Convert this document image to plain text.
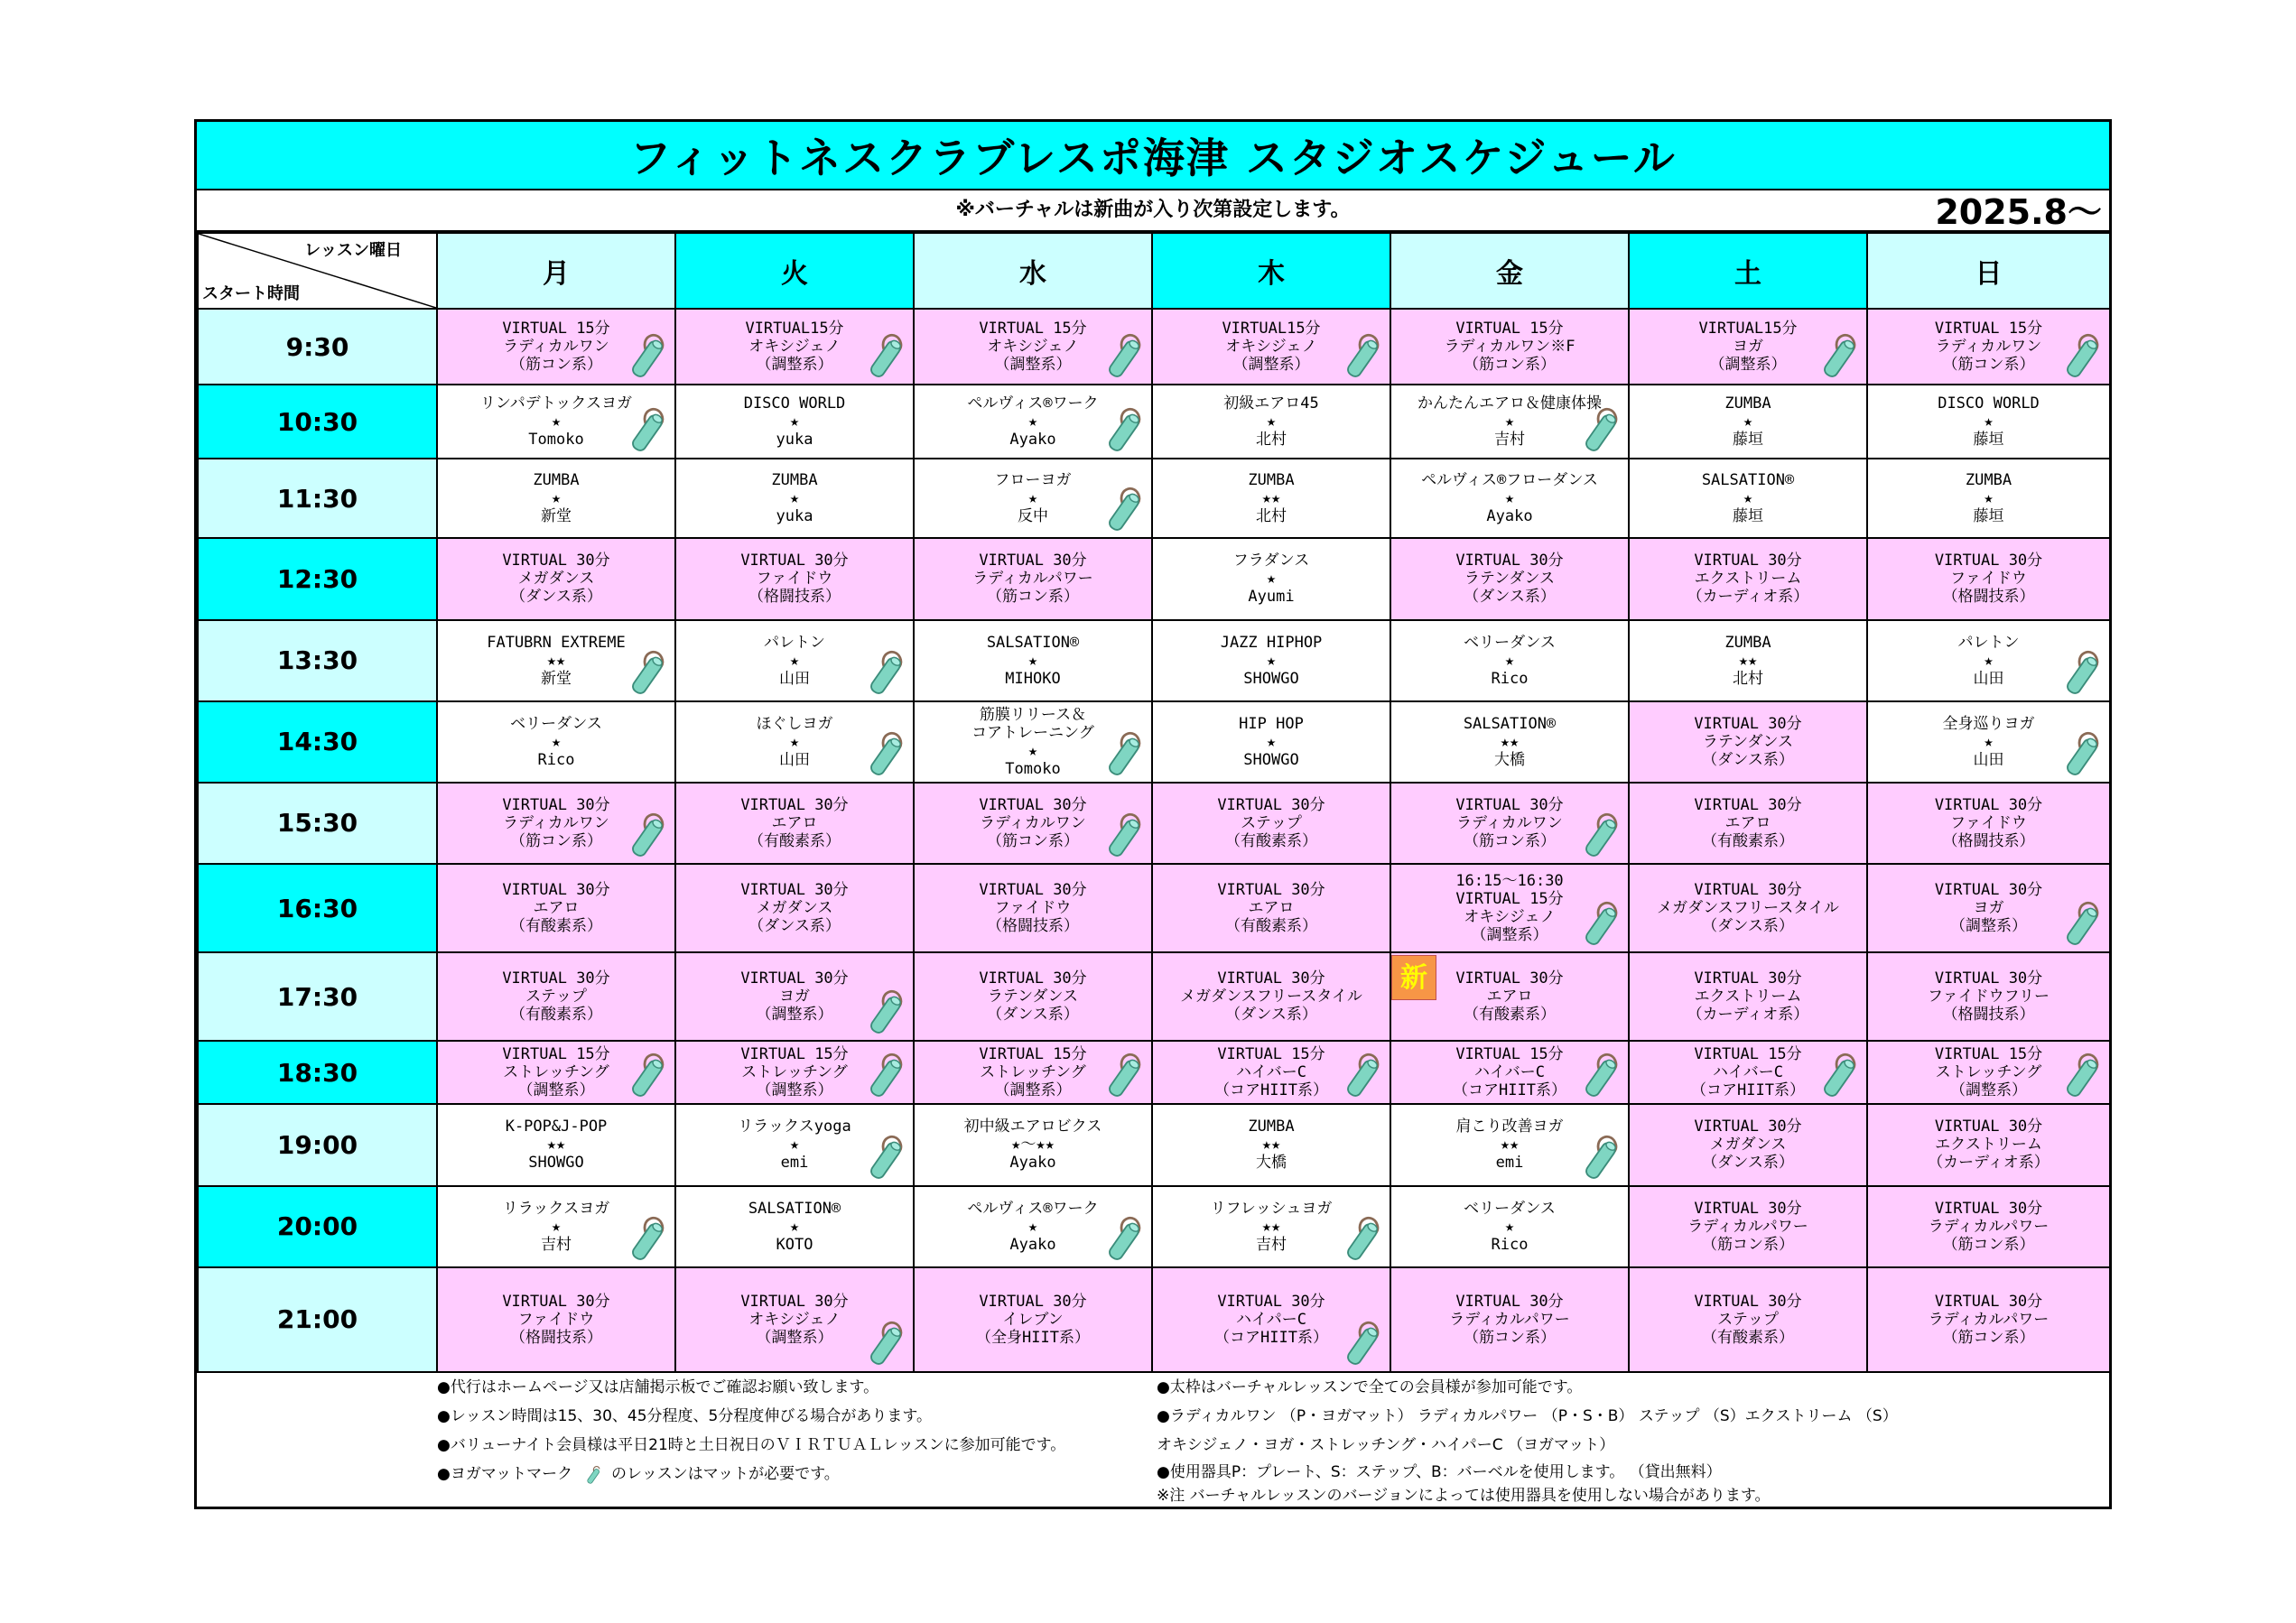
フィットネスクラブレスポ海津 スタジオスケジュール
※バーチャルは新曲が入り次第設定します。	2025.8～
レッスン曜日
スタート時間	月	火	水	木	金	土	日
9:30	VIRTUAL 15分
ラディカルワン
（筋コン系）	VIRTUAL15分
オキシジェノ
（調整系）	VIRTUAL 15分
オキシジェノ
（調整系）	VIRTUAL15分
オキシジェノ
（調整系）	VIRTUAL 15分
ラディカルワン※F
（筋コン系）	VIRTUAL15分
ヨガ
（調整系）	VIRTUAL 15分
ラディカルワン
（筋コン系）

10:30	リンパデトックスヨガ
★
Tomoko	DISCO WORLD
★
yuka	ペルヴィス®ワーク
★
Ayako	初級エアロ45
★
北村	かんたんエアロ＆健康体操
★
吉村	ZUMBA
★
藤垣	DISCO WORLD
★
藤垣

11:30	ZUMBA
★
新堂	ZUMBA
★
yuka	フローヨガ
★
反中	ZUMBA
★★
北村	ペルヴィス®フローダンス
★
Ayako	SALSATION®
★
藤垣	ZUMBA
★
藤垣

12:30	VIRTUAL 30分
メガダンス
（ダンス系）	VIRTUAL 30分
ファイドウ
（格闘技系）	VIRTUAL 30分
ラディカルパワー
（筋コン系）	フラダンス
★
Ayumi	VIRTUAL 30分
ラテンダンス
（ダンス系）	VIRTUAL 30分
エクストリーム
（カーディオ系）	VIRTUAL 30分
ファイドウ
（格闘技系）

13:30	FATUBRN EXTREME
★★
新堂	パレトン
★
山田	SALSATION®
★
MIHOKO	JAZZ HIPHOP
★
SHOWGO	ベリーダンス
★
Rico	ZUMBA
★★
北村	パレトン
★
山田

14:30	ベリーダンス
★
Rico	ほぐしヨガ
★
山田	筋膜リリース＆
コアトレーニング
★
Tomoko	HIP HOP
★
SHOWGO	SALSATION®
★★
大橋	VIRTUAL 30分
ラテンダンス
（ダンス系）	全身巡りヨガ
★
山田

15:30	VIRTUAL 30分
ラディカルワン
（筋コン系）	VIRTUAL 30分
エアロ
（有酸素系）	VIRTUAL 30分
ラディカルワン
（筋コン系）	VIRTUAL 30分
ステップ
（有酸素系）	VIRTUAL 30分
ラディカルワン
（筋コン系）	VIRTUAL 30分
エアロ
（有酸素系）	VIRTUAL 30分
ファイドウ
（格闘技系）

16:30	VIRTUAL 30分
エアロ
（有酸素系）	VIRTUAL 30分
メガダンス
（ダンス系）	VIRTUAL 30分
ファイドウ
（格闘技系）	VIRTUAL 30分
エアロ
（有酸素系）	16:15～16:30
VIRTUAL 15分
オキシジェノ
（調整系）	VIRTUAL 30分
メガダンスフリースタイル
（ダンス系）	VIRTUAL 30分
ヨガ
（調整系）

17:30	VIRTUAL 30分
ステップ
（有酸素系）	VIRTUAL 30分
ヨガ
（調整系）	VIRTUAL 30分
ラテンダンス
（ダンス系）	VIRTUAL 30分
メガダンスフリースタイル
（ダンス系）	新 VIRTUAL 30分
エアロ
（有酸素系）	VIRTUAL 30分
エクストリーム
（カーディオ系）	VIRTUAL 30分
ファイドウフリー
（格闘技系）

18:30	VIRTUAL 15分
ストレッチング
（調整系）	VIRTUAL 15分
ストレッチング
（調整系）	VIRTUAL 15分
ストレッチング
（調整系）	VIRTUAL 15分
ハイバーC
（コアHIIT系）	VIRTUAL 15分
ハイバーC
（コアHIIT系）	VIRTUAL 15分
ハイバーC
（コアHIIT系）	VIRTUAL 15分
ストレッチング
（調整系）

19:00	K-POP&J-POP
★★
SHOWGO	リラックスyoga
★
emi	初中級エアロビクス
★～★★
Ayako	ZUMBA
★★
大橋	肩こり改善ヨガ
★★
emi	VIRTUAL 30分
メガダンス
（ダンス系）	VIRTUAL 30分
エクストリーム
（カーディオ系）

20:00	リラックスヨガ
★
吉村	SALSATION®
★
KOTO	ペルヴィス®ワーク
★
Ayako	リフレッシュヨガ
★★
吉村	ベリーダンス
★
Rico	VIRTUAL 30分
ラディカルパワー
（筋コン系）	VIRTUAL 30分
ラディカルパワー
（筋コン系）

21:00	VIRTUAL 30分
ファイドウ
（格闘技系）	VIRTUAL 30分
オキシジェノ
（調整系）	VIRTUAL 30分
イレブン
（全身HIIT系）	VIRTUAL 30分
ハイパーC
（コアHIIT系）	VIRTUAL 30分
ラディカルパワー
（筋コン系）	VIRTUAL 30分
ステップ
（有酸素系）	VIRTUAL 30分
ラディカルパワー
（筋コン系）
●代行はホームページ又は店舗掲示板でご確認お願い致します。
●レッスン時間は15、30、45分程度、5分程度伸びる場合があります。
●バリューナイト会員様は平日21時と土日祝日のＶＩＲＴＵＡＬレッスンに参加可能です。
●ヨガマットマーク	のレッスンはマットが必要です。
●太枠はバーチャルレッスンで全ての会員様が参加可能です。
●ラディカルワン （P・ヨガマット） ラディカルパワー （P・S・B） ステップ （S）エクストリーム （S）
オキシジェノ・ヨガ・ストレッチング・ハイパーC （ヨガマット）
●使用器具P：プレート、S：ステップ、B：バーベルを使用します。 （貸出無料）
※注 バーチャルレッスンのバージョンによっては使用器具を使用しない場合があります。
